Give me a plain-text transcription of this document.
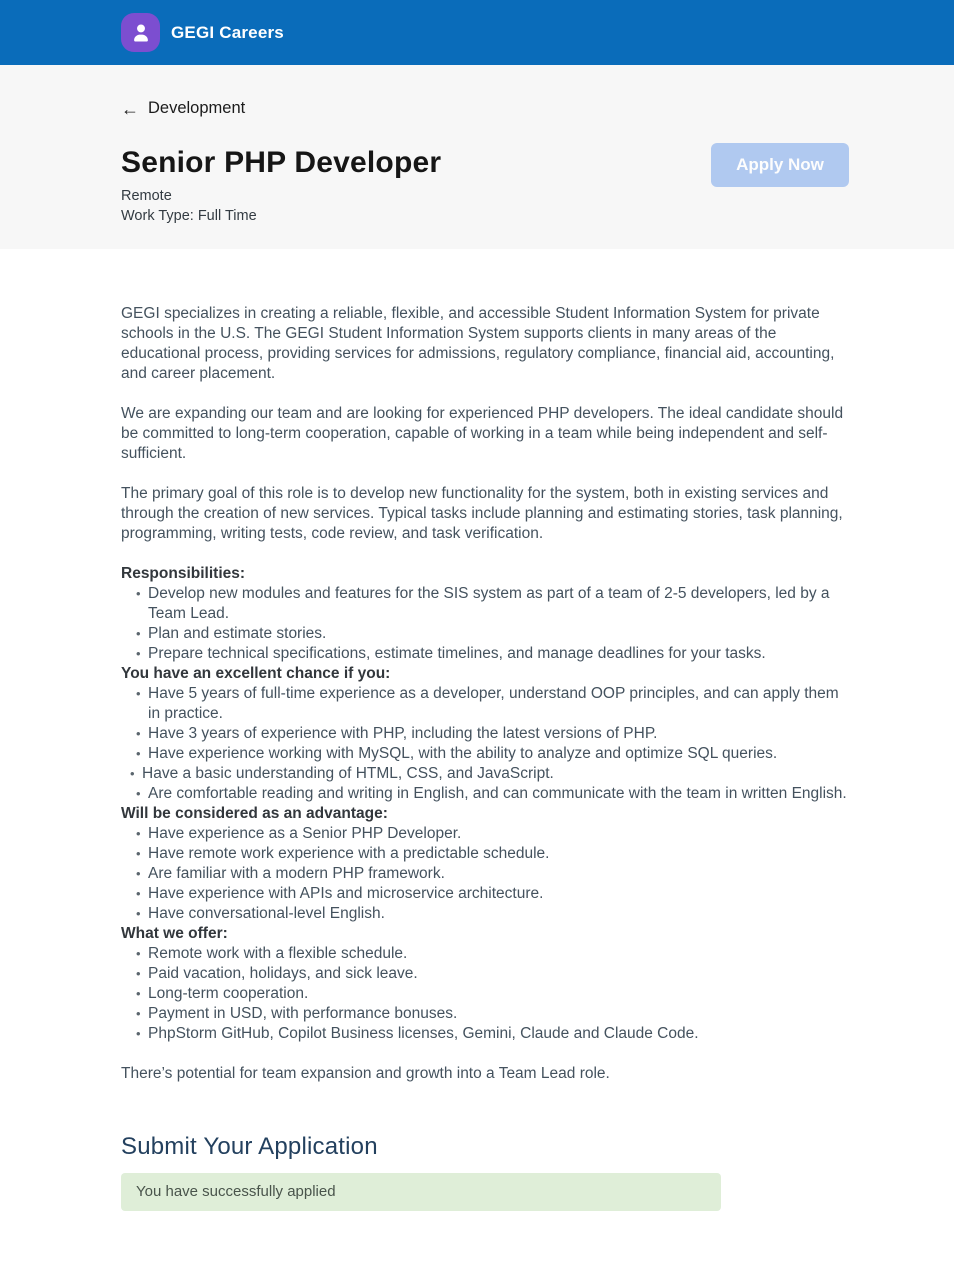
GEGI Careers
← Development
Senior PHP Developer
Remote
Work Type: Full Time
Apply Now

GEGI specializes in creating a reliable, flexible, and accessible Student Information System for private schools in the U.S. The GEGI Student Information System supports clients in many areas of the educational process, providing services for admissions, regulatory compliance, financial aid, accounting, and career placement.

We are expanding our team and are looking for experienced PHP developers. The ideal candidate should be committed to long-term cooperation, capable of working in a team while being independent and self-sufficient.

The primary goal of this role is to develop new functionality for the system, both in existing services and through the creation of new services. Typical tasks include planning and estimating stories, task planning, programming, writing tests, code review, and task verification.

Responsibilities:

• Develop new modules and features for the SIS system as part of a team of 2-5 developers, led by a Team Lead.
• Plan and estimate stories.
• Prepare technical specifications, estimate timelines, and manage deadlines for your tasks.

You have an excellent chance if you:

• Have 5 years of full-time experience as a developer, understand OOP principles, and can apply them in practice.
• Have 3 years of experience with PHP, including the latest versions of PHP.
• Have experience working with MySQL, with the ability to analyze and optimize SQL queries.
• Have a basic understanding of HTML, CSS, and JavaScript.
• Are comfortable reading and writing in English, and can communicate with the team in written English.

Will be considered as an advantage:

• Have experience as a Senior PHP Developer.
• Have remote work experience with a predictable schedule.
• Are familiar with a modern PHP framework.
• Have experience with APIs and microservice architecture.
• Have conversational-level English.

What we offer:

• Remote work with a flexible schedule.
• Paid vacation, holidays, and sick leave.
• Long-term cooperation.
• Payment in USD, with performance bonuses.
• PhpStorm GitHub, Copilot Business licenses, Gemini, Claude and Claude Code.

There’s potential for team expansion and growth into a Team Lead role.

Submit Your Application
You have successfully applied
